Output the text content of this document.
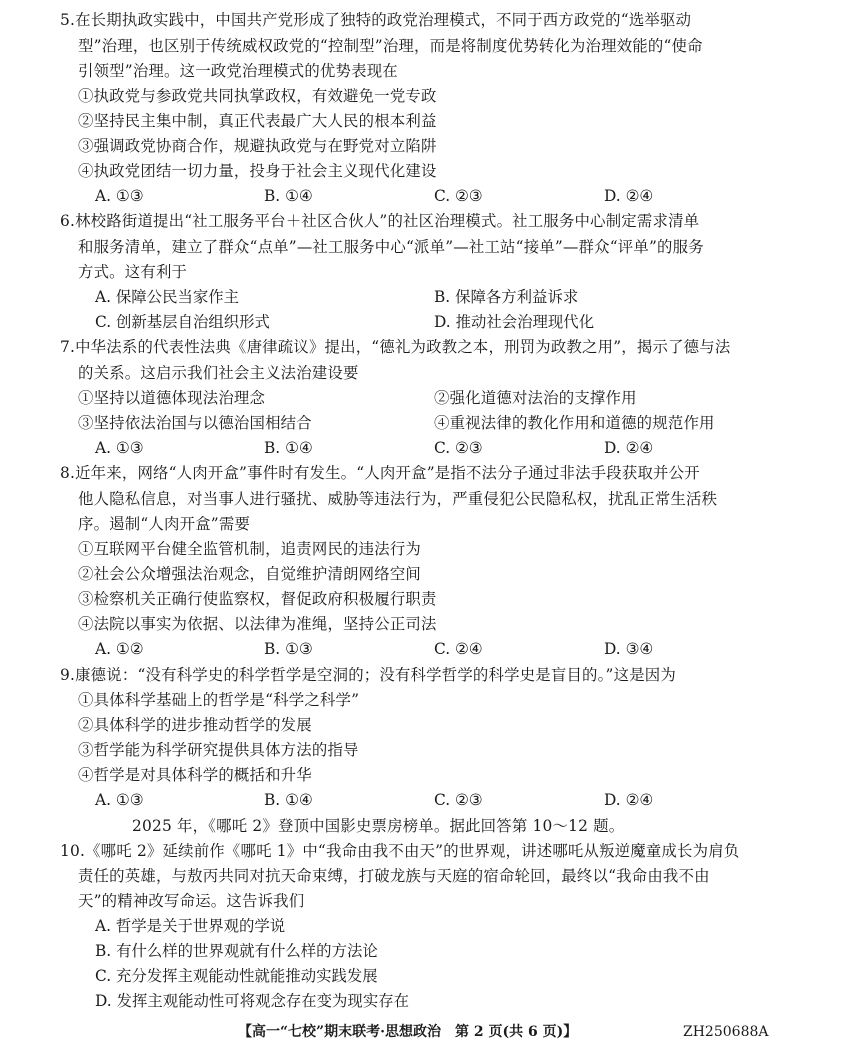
5.在长期执政实践中，中国共产党形成了独特的政党治理模式，不同于西方政党的“选举驱动
型”治理，也区别于传统威权政党的“控制型”治理，而是将制度优势转化为治理效能的“使命
引领型”治理。这一政党治理模式的优势表现在
①执政党与参政党共同执掌政权，有效避免一党专政
②坚持民主集中制，真正代表最广大人民的根本利益
③强调政党协商合作，规避执政党与在野党对立陷阱
④执政党团结一切力量，投身于社会主义现代化建设
A. ①③	B. ①④	C. ②③	D. ②④
6.林校路街道提出“社工服务平台＋社区合伙人”的社区治理模式。社工服务中心制定需求清单
和服务清单，建立了群众“点单”—社工服务中心“派单”—社工站“接单”—群众“评单”的服务
方式。这有利于
A. 保障公民当家作主	B. 保障各方利益诉求
C. 创新基层自治组织形式	D. 推动社会治理现代化
7.中华法系的代表性法典《唐律疏议》提出，“德礼为政教之本，刑罚为政教之用”，揭示了德与法
的关系。这启示我们社会主义法治建设要
①坚持以道德体现法治理念	②强化道德对法治的支撑作用
③坚持依法治国与以德治国相结合	④重视法律的教化作用和道德的规范作用
A. ①③	B. ①④	C. ②③	D. ②④
8.近年来，网络“人肉开盒”事件时有发生。“人肉开盒”是指不法分子通过非法手段获取并公开
他人隐私信息，对当事人进行骚扰、威胁等违法行为，严重侵犯公民隐私权，扰乱正常生活秩
序。遏制“人肉开盒”需要
①互联网平台健全监管机制，追责网民的违法行为
②社会公众增强法治观念，自觉维护清朗网络空间
③检察机关正确行使监察权，督促政府积极履行职责
④法院以事实为依据、以法律为准绳，坚持公正司法
A. ①②	B. ①③	C. ②④	D. ③④
9.康德说：“没有科学史的科学哲学是空洞的；没有科学哲学的科学史是盲目的。”这是因为
①具体科学基础上的哲学是“科学之科学”
②具体科学的进步推动哲学的发展
③哲学能为科学研究提供具体方法的指导
④哲学是对具体科学的概括和升华
A. ①③	B. ①④	C. ②③	D. ②④
2025 年，《哪吒 2》登顶中国影史票房榜单。据此回答第 10～12 题。
10.《哪吒 2》延续前作《哪吒 1》中“我命由我不由天”的世界观，讲述哪吒从叛逆魔童成长为肩负
责任的英雄，与敖丙共同对抗天命束缚，打破龙族与天庭的宿命轮回，最终以“我命由我不由
天”的精神改写命运。这告诉我们
A. 哲学是关于世界观的学说
B. 有什么样的世界观就有什么样的方法论
C. 充分发挥主观能动性就能推动实践发展
D. 发挥主观能动性可将观念存在变为现实存在
【高一“七校”期末联考·思想政治　第 2 页(共 6 页)】	ZH250688A
